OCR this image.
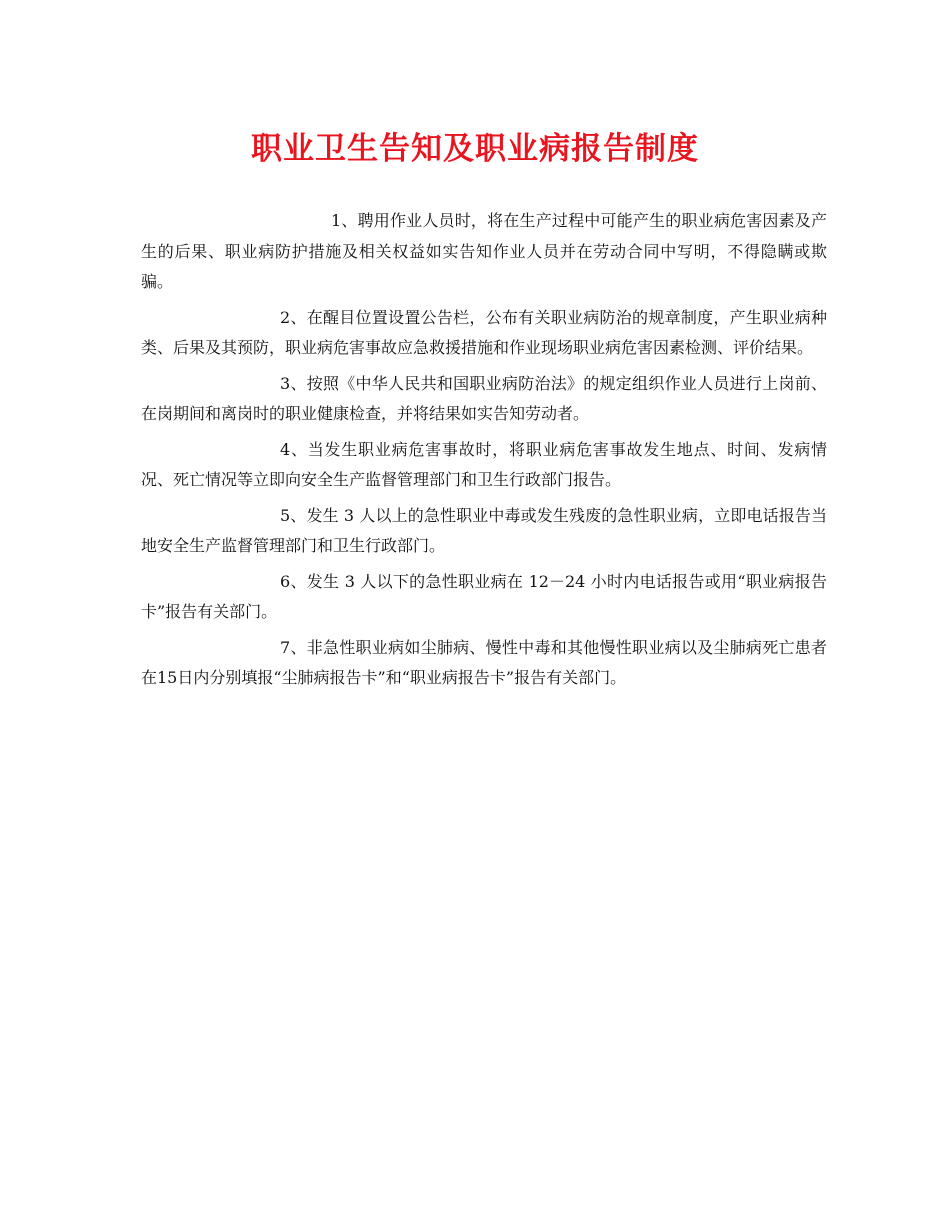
职业卫生告知及职业病报告制度

1、聘用作业人员时，将在生产过程中可能产生的职业病危害因素及产生的后果、职业病防护措施及相关权益如实告知作业人员并在劳动合同中写明，不得隐瞒或欺骗。

2、在醒目位置设置公告栏，公布有关职业病防治的规章制度，产生职业病种类、后果及其预防，职业病危害事故应急救援措施和作业现场职业病危害因素检测、评价结果。

3、按照《中华人民共和国职业病防治法》的规定组织作业人员进行上岗前、在岗期间和离岗时的职业健康检查，并将结果如实告知劳动者。

4、当发生职业病危害事故时，将职业病危害事故发生地点、时间、发病情况、死亡情况等立即向安全生产监督管理部门和卫生行政部门报告。

5、发生 3 人以上的急性职业中毒或发生残废的急性职业病，立即电话报告当地安全生产监督管理部门和卫生行政部门。

6、发生 3 人以下的急性职业病在 12－24 小时内电话报告或用“职业病报告卡”报告有关部门。

7、非急性职业病如尘肺病、慢性中毒和其他慢性职业病以及尘肺病死亡患者在15日内分别填报“尘肺病报告卡”和“职业病报告卡”报告有关部门。
